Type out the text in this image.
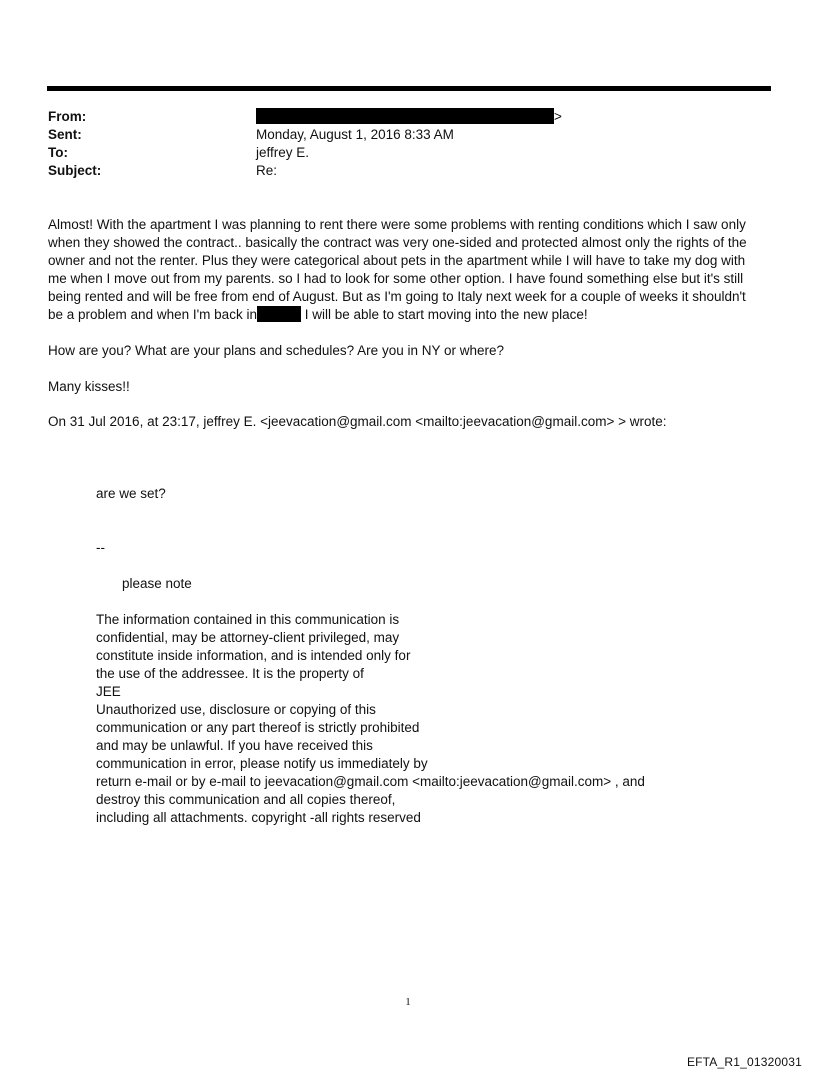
From:	>
Sent:	Monday, August 1, 2016 8:33 AM
To:	jeffrey E.
Subject:	Re:

Almost! With the apartment I was planning to rent there were some problems with renting conditions which I saw only

when they showed the contract.. basically the contract was very one-sided and protected almost only the rights of the

owner and not the renter. Plus they were categorical about pets in the apartment while I will have to take my dog with

me when I move out from my parents. so I had to look for some other option. I have found something else but it's still

being rented and will be free from end of August. But as I'm going to Italy next week for a couple of weeks it shouldn't

be a problem and when I'm back in	I will be able to start moving into the new place!

How are you? What are your plans and schedules? Are you in NY or where?
Many kisses!!
On 31 Jul 2016, at 23:17, jeffrey E. <jeevacation@gmail.com <mailto:jeevacation@gmail.com> > wrote:
are we set?
--
please note

The information contained in this communication is

confidential, may be attorney-client privileged, may

constitute inside information, and is intended only for

the use of the addressee. It is the property of

JEE

Unauthorized use, disclosure or copying of this

communication or any part thereof is strictly prohibited

and may be unlawful. If you have received this

communication in error, please notify us immediately by

return e-mail or by e-mail to jeevacation@gmail.com <mailto:jeevacation@gmail.com> , and

destroy this communication and all copies thereof,

including all attachments. copyright -all rights reserved

1
EFTA_R1_01320031
